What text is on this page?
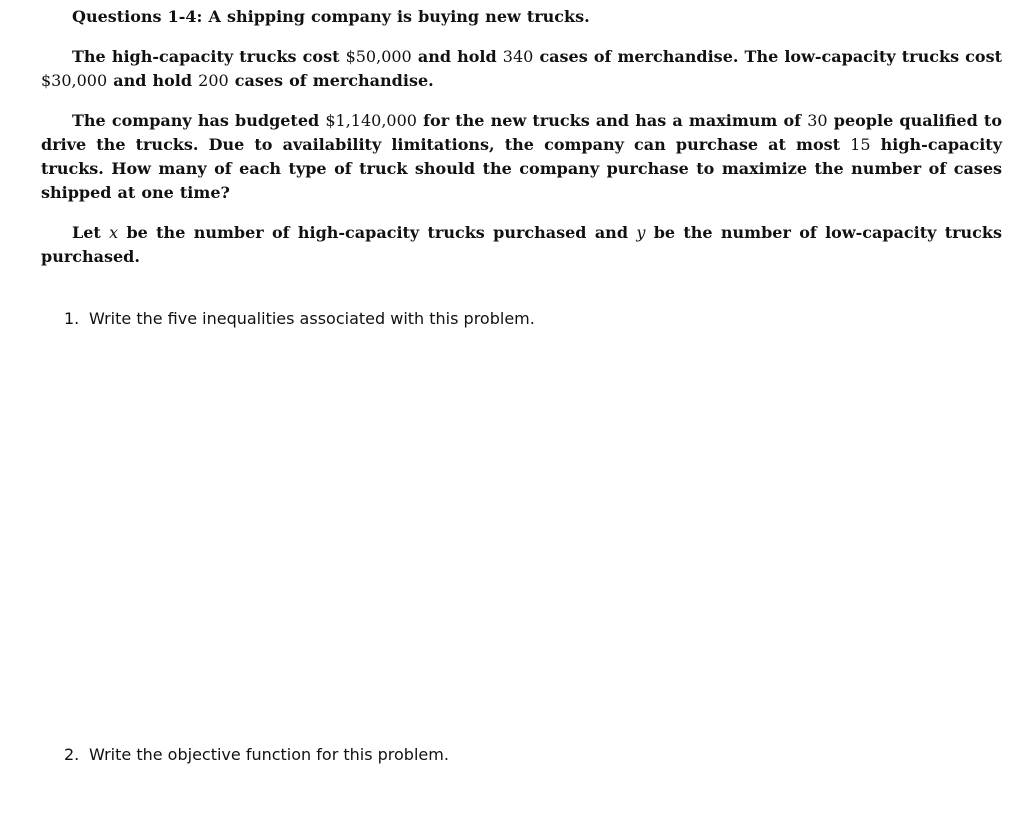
Questions 1-4: A shipping company is buying new trucks.

The high-capacity trucks cost $50,000 and hold 340 cases of merchandise. The low-capacity trucks cost $30,000 and hold 200 cases of merchandise.

The company has budgeted $1,140,000 for the new trucks and has a maximum of 30 people qualified to drive the trucks. Due to availability limitations, the company can purchase at most 15 high-capacity trucks. How many of each type of truck should the company purchase to maximize the number of cases shipped at one time?

Let x be the number of high-capacity trucks purchased and y be the number of low-capacity trucks purchased.

1. Write the five inequalities associated with this problem.

2. Write the objective function for this problem.
